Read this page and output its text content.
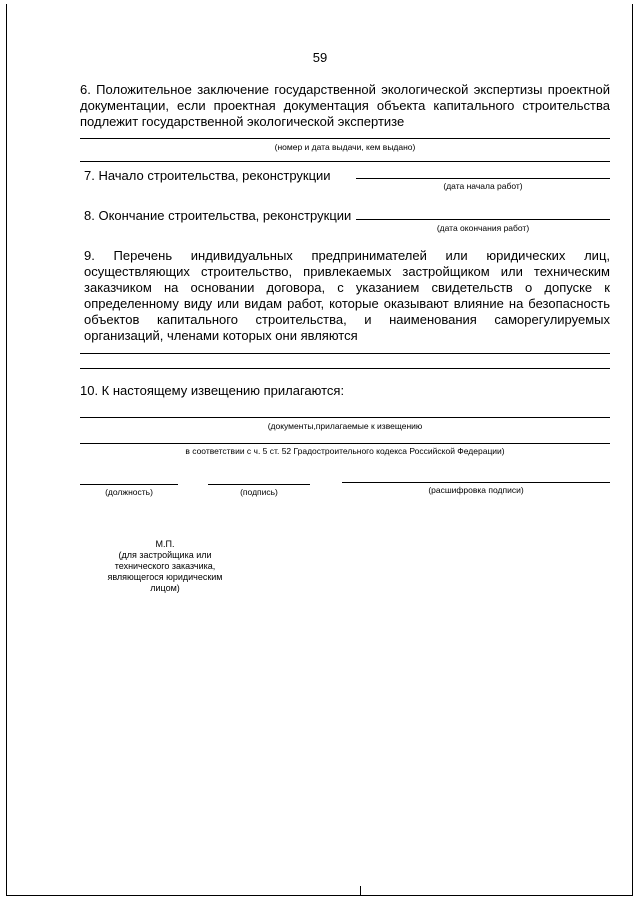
59
6. Положительное заключение государственной экологической экспертизы проектной документации, если проектная документация объекта капитального строительства подлежит государственной экологической экспертизе
(номер и дата выдачи, кем выдано)
7. Начало строительства, реконструкции
(дата начала работ)
8. Окончание строительства, реконструкции
(дата окончания работ)
9. Перечень индивидуальных предпринимателей или юридических лиц, осуществляющих строительство, привлекаемых застройщиком или техническим заказчиком на основании договора, с указанием свидетельств о допуске к определенному виду или видам работ, которые оказывают влияние на безопасность объектов капитального строительства, и наименования саморегулируемых организаций, членами которых они являются
10. К настоящему извещению прилагаются:
(документы,прилагаемые к извещению
в соответствии с ч. 5 ст. 52 Градостроительного кодекса Российской Федерации)
(должность)	(подпись)	(расшифровка подписи)
М.П.
(для застройщика или технического заказчика, являющегося юридическим лицом)
